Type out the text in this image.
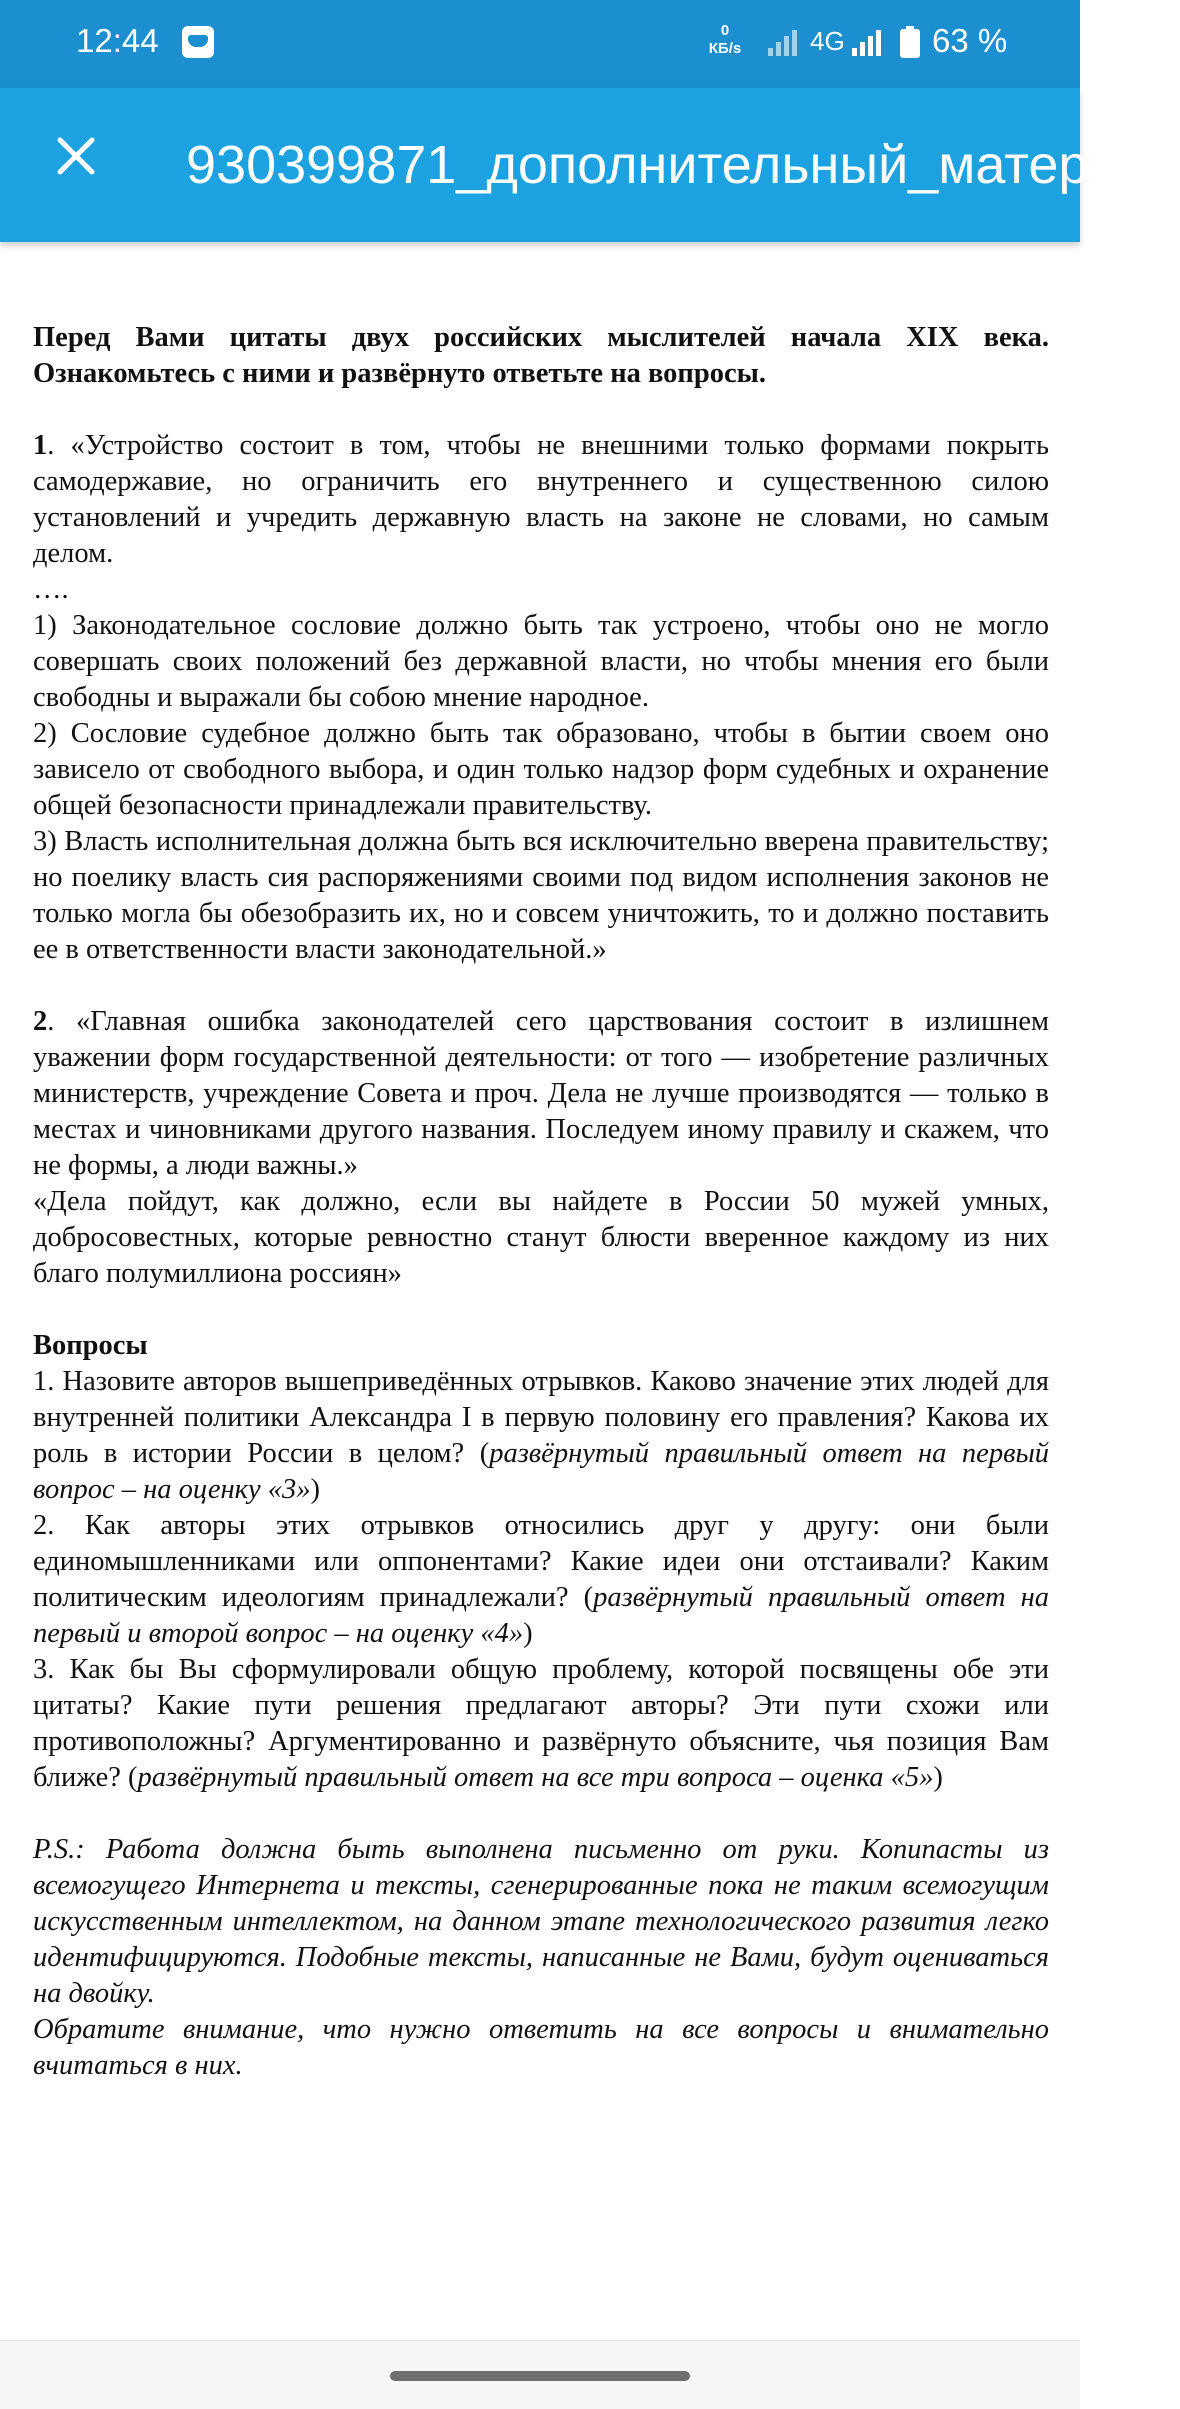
12:44	0
КБ/s	4G	63 %
930399871_дополнительный_материал

Перед Вами цитаты двух российских мыслителей начала XIX века. Ознакомьтесь с ними и развёрнуто ответьте на вопросы.

1. «Устройство состоит в том, чтобы не внешними только формами покрыть самодержавие, но ограничить его внутреннего и существенною силою установлений и учредить державную власть на законе не словами, но самым делом.

….

1) Законодательное сословие должно быть так устроено, чтобы оно не могло совершать своих положений без державной власти, но чтобы мнения его были свободны и выражали бы собою мнение народное.

2) Сословие судебное должно быть так образовано, чтобы в бытии своем оно зависело от свободного выбора, и один только надзор форм судебных и охранение общей безопасности принадлежали правительству.

3) Власть исполнительная должна быть вся исключительно вверена правительству; но поелику власть сия распоряжениями своими под видом исполнения законов не только могла бы обезобразить их, но и совсем уничтожить, то и должно поставить ее в ответственности власти законодательной.»

2. «Главная ошибка законодателей сего царствования состоит в излишнем уважении форм государственной деятельности: от того — изобретение различных министерств, учреждение Совета и проч. Дела не лучше производятся — только в местах и чиновниками другого названия. Последуем иному правилу и скажем, что не формы, а люди важны.»

«Дела пойдут, как должно, если вы найдете в России 50 мужей умных, добросовестных, которые ревностно станут блюсти вверенное каждому из них благо полумиллиона россиян»

Вопросы

1. Назовите авторов вышеприведённых отрывков. Каково значение этих людей для внутренней политики Александра I в первую половину его правления? Какова их роль в истории России в целом? (развёрнутый правильный ответ на первый вопрос – на оценку «3»)

2. Как авторы этих отрывков относились друг у другу: они были единомышленниками или оппонентами? Какие идеи они отстаивали? Каким политическим идеологиям принадлежали? (развёрнутый правильный ответ на первый и второй вопрос – на оценку «4»)

3. Как бы Вы сформулировали общую проблему, которой посвящены обе эти цитаты? Какие пути решения предлагают авторы? Эти пути схожи или противоположны? Аргументированно и развёрнуто объясните, чья позиция Вам ближе? (развёрнутый правильный ответ на все три вопроса – оценка «5»)

P.S.: Работа должна быть выполнена письменно от руки. Копипасты из всемогущего Интернета и тексты, сгенерированные пока не таким всемогущим искусственным интеллектом, на данном этапе технологического развития легко идентифицируются. Подобные тексты, написанные не Вами, будут оцениваться на двойку.

Обратите внимание, что нужно ответить на все вопросы и внимательно вчитаться в них.
